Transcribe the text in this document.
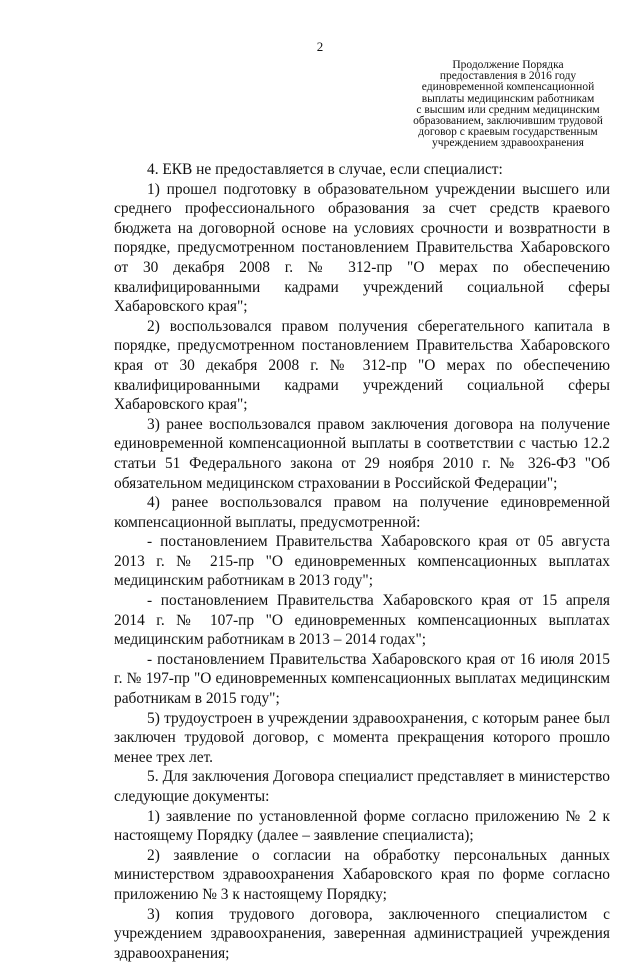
2
Продолжение Порядка
предоставления в 2016 году
единовременной компенсационной
выплаты медицинским работникам
с высшим или средним медицинским
образованием, заключившим трудовой
договор с краевым государственным
учреждением здравоохранения

4. ЕКВ не предоставляется в случае, если специалист:

1) прошел подготовку в образовательном учреждении высшего или среднего профессионального образования за счет средств краевого бюджета на договорной основе на условиях срочности и возвратности в порядке, предусмотренном постановлением Правительства Хабаровского от 30 декабря 2008 г. № 312-пр "О мерах по обеспечению квалифицированными кадрами учреждений социальной сферы Хабаровского края";

2) воспользовался правом получения сберегательного капитала в порядке, предусмотренном постановлением Правительства Хабаровского края от 30 декабря 2008 г. № 312-пр "О мерах по обеспечению квалифицированными кадрами учреждений социальной сферы Хабаровского края";

3) ранее воспользовался правом заключения договора на получение единовременной компенсационной выплаты в соответствии с частью 12.2 статьи 51 Федерального закона от 29 ноября 2010 г. № 326-ФЗ "Об обязательном медицинском страховании в Российской Федерации";

4) ранее воспользовался правом на получение единовременной компенсационной выплаты, предусмотренной:

- постановлением Правительства Хабаровского края от 05 августа 2013 г. № 215-пр "О единовременных компенсационных выплатах медицинским работникам в 2013 году";

- постановлением Правительства Хабаровского края от 15 апреля 2014 г. № 107-пр "О единовременных компенсационных выплатах медицинским работникам в 2013 – 2014 годах";

- постановлением Правительства Хабаровского края от 16 июля 2015 г. № 197-пр "О единовременных компенсационных выплатах медицинским работникам в 2015 году";

5) трудоустроен в учреждении здравоохранения, с которым ранее был заключен трудовой договор, с момента прекращения которого прошло менее трех лет.

5. Для заключения Договора специалист представляет в министерство следующие документы:

1) заявление по установленной форме согласно приложению № 2 к настоящему Порядку (далее – заявление специалиста);

2) заявление о согласии на обработку персональных данных министерством здравоохранения Хабаровского края по форме согласно приложению № 3 к настоящему Порядку;

3) копия трудового договора, заключенного специалистом с учреждением здравоохранения, заверенная администрацией учреждения здравоохранения;
